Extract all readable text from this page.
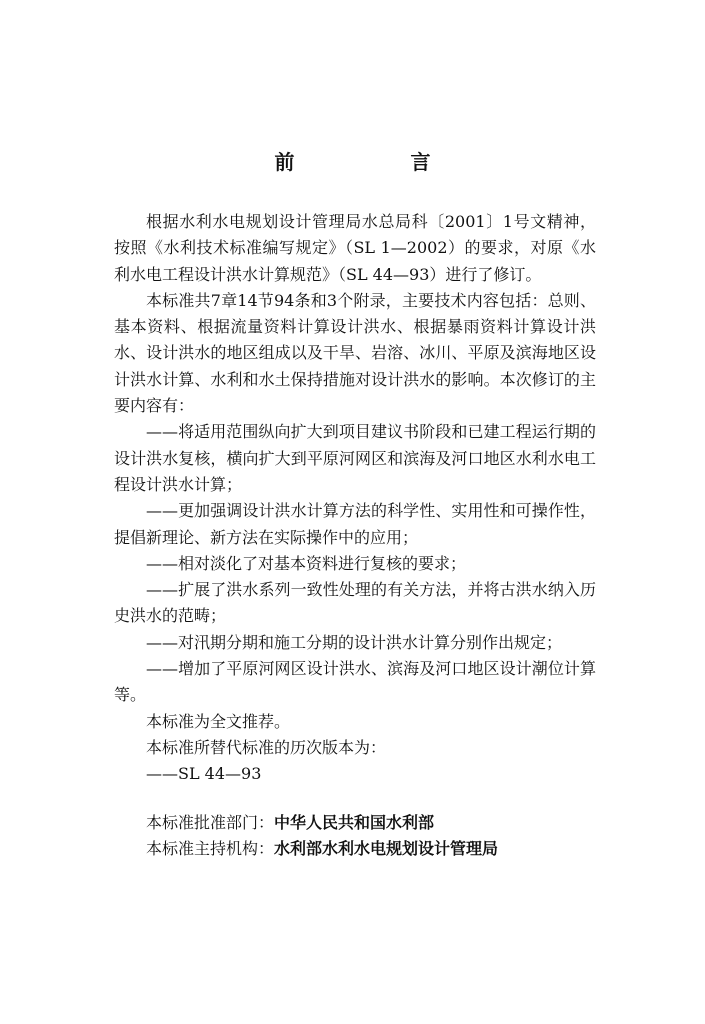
前　言

根据水利水电规划设计管理局水总局科〔2001〕1号文精神，按照《水利技术标准编写规定》（SL 1—2002）的要求，对原《水利水电工程设计洪水计算规范》（SL 44—93）进行了修订。

本标准共7章14节94条和3个附录，主要技术内容包括：总则、基本资料、根据流量资料计算设计洪水、根据暴雨资料计算设计洪水、设计洪水的地区组成以及干旱、岩溶、冰川、平原及滨海地区设计洪水计算、水利和水土保持措施对设计洪水的影响。本次修订的主要内容有：

——将适用范围纵向扩大到项目建议书阶段和已建工程运行期的设计洪水复核，横向扩大到平原河网区和滨海及河口地区水利水电工程设计洪水计算；

——更加强调设计洪水计算方法的科学性、实用性和可操作性，提倡新理论、新方法在实际操作中的应用；

——相对淡化了对基本资料进行复核的要求；

——扩展了洪水系列一致性处理的有关方法，并将古洪水纳入历史洪水的范畴；

——对汛期分期和施工分期的设计洪水计算分别作出规定；

——增加了平原河网区设计洪水、滨海及河口地区设计潮位计算等。

本标准为全文推荐。

本标准所替代标准的历次版本为：

——SL 44—93

本标准批准部门：中华人民共和国水利部

本标准主持机构：水利部水利水电规划设计管理局
